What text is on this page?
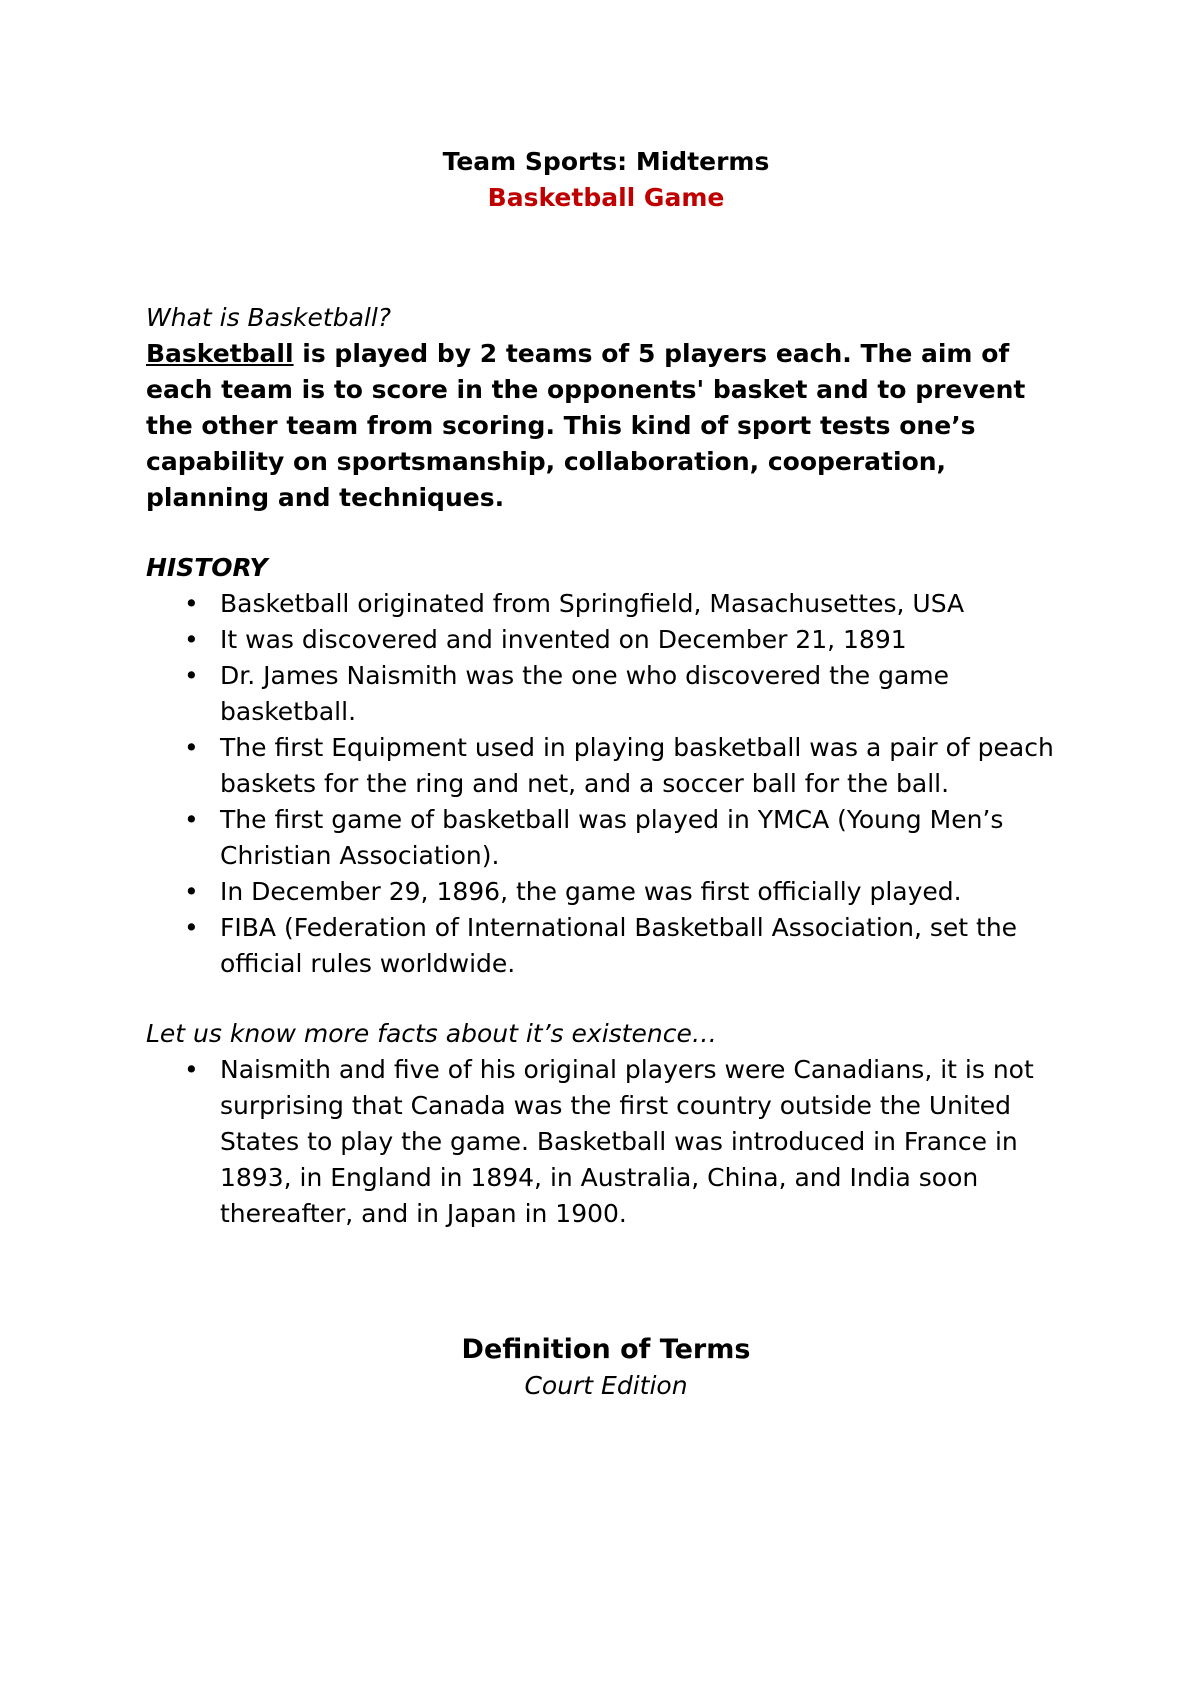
Team Sports: Midterms

Basketball Game

What is Basketball?

Basketball is played by 2 teams of 5 players each. The aim of each team is to score in the opponents' basket and to prevent the other team from scoring. This kind of sport tests one’s capability on sportsmanship, collaboration, cooperation, planning and techniques.

HISTORY

• Basketball originated from Springfield, Masachusettes, USA
• It was discovered and invented on December 21, 1891
• Dr. James Naismith was the one who discovered the game basketball.
• The first Equipment used in playing basketball was a pair of peach baskets for the ring and net, and a soccer ball for the ball.
• The first game of basketball was played in YMCA (Young Men’s Christian Association).
• In December 29, 1896, the game was first officially played.
• FIBA (Federation of International Basketball Association, set the official rules worldwide.

Let us know more facts about it’s existence…

• Naismith and five of his original players were Canadians, it is not surprising that Canada was the first country outside the United States to play the game. Basketball was introduced in France in 1893, in England in 1894, in Australia, China, and India soon thereafter, and in Japan in 1900.

Definition of Terms

Court Edition
